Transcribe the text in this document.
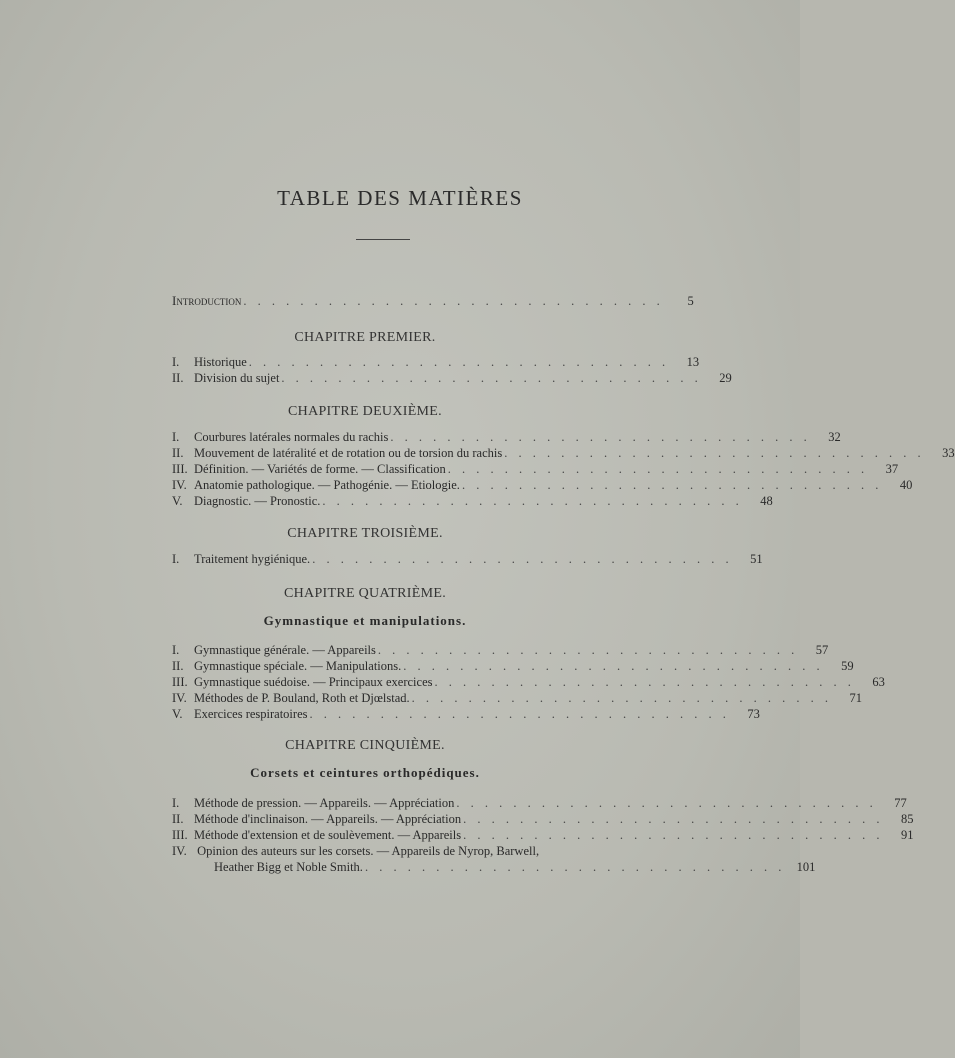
TABLE DES MATIÈRES
Introduction . . . . . . . . . . . . . . . . . . . . . . . . . . . . . .	5
CHAPITRE PREMIER.
I.	Historique . . . . . . . . . . . . . . . . . . . . . . . . . . . . . .	13
II. Division du sujet . . . . . . . . . . . . . . . . . . . . . . . . . . . . . .	29
CHAPITRE DEUXIÈME.
I.	Courbures latérales normales du rachis . . . . . . . . . . . . . . . . . . . . . . . . . . . . . .	32
II. Mouvement de latéralité et de rotation ou de torsion du rachis . . . . . . . . . . . . . . . . . . . . . . . . . . . . . .	33
III. Définition. — Variétés de forme. — Classification . . . . . . . . . . . . . . . . . . . . . . . . . . . . . .	37
IV. Anatomie pathologique. — Pathogénie. — Etiologie. . . . . . . . . . . . . . . . . . . . . . . . . . . . . . .	40
V. Diagnostic. — Pronostic. . . . . . . . . . . . . . . . . . . . . . . . . . . . . . .	48
CHAPITRE TROISIÈME.
I.	Traitement hygiénique. . . . . . . . . . . . . . . . . . . . . . . . . . . . . . .	51
CHAPITRE QUATRIÈME.
Gymnastique et manipulations.
I.	Gymnastique générale. — Appareils . . . . . . . . . . . . . . . . . . . . . . . . . . . . . .	57
II. Gymnastique spéciale. — Manipulations. . . . . . . . . . . . . . . . . . . . . . . . . . . . . . .	59
III. Gymnastique suédoise. — Principaux exercices . . . . . . . . . . . . . . . . . . . . . . . . . . . . . .	63
IV. Méthodes de P. Bouland, Roth et Djœlstad. . . . . . . . . . . . . . . . . . . . . . . . . . . . . . .	71
V. Exercices respiratoires . . . . . . . . . . . . . . . . . . . . . . . . . . . . . .	73
CHAPITRE CINQUIÈME.
Corsets et ceintures orthopédiques.
I.	Méthode de pression. — Appareils. — Appréciation . . . . . . . . . . . . . . . . . . . . . . . . . . . . . .	77
II. Méthode d'inclinaison. — Appareils. — Appréciation . . . . . . . . . . . . . . . . . . . . . . . . . . . . . .	85
III. Méthode d'extension et de soulèvement. — Appareils . . . . . . . . . . . . . . . . . . . . . . . . . . . . . .	91
IV. Opinion des auteurs sur les corsets. — Appareils de Nyrop, Barwell,
Heather Bigg et Noble Smith. . . . . . . . . . . . . . . . . . . . . . . . . . . . . . . 101
